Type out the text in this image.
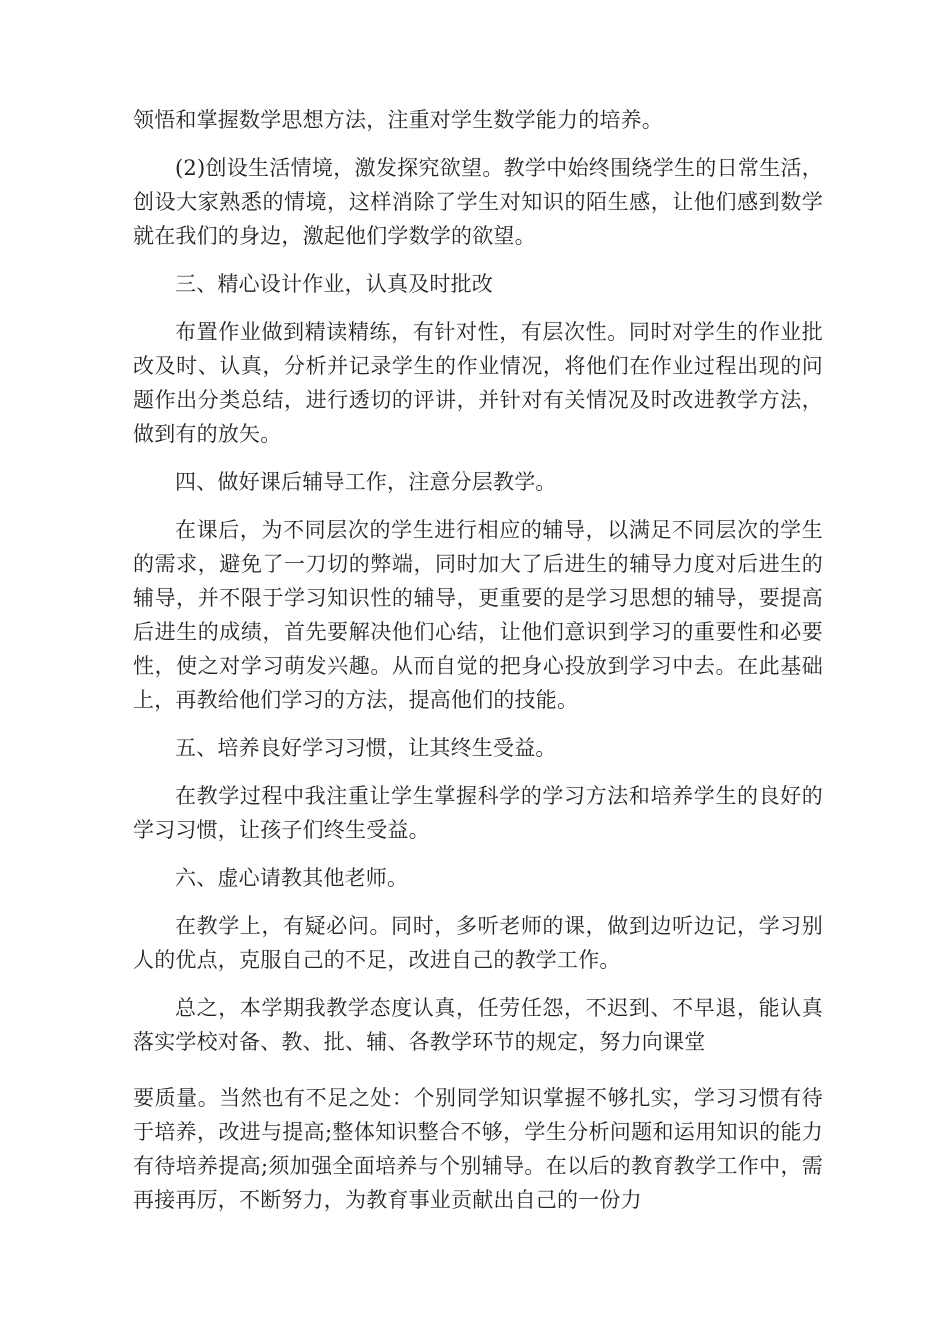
领悟和掌握数学思想方法，注重对学生数学能力的培养。

(2)创设生活情境，激发探究欲望。教学中始终围绕学生的日常生活，创设大家熟悉的情境，这样消除了学生对知识的陌生感，让他们感到数学就在我们的身边，激起他们学数学的欲望。

三、精心设计作业，认真及时批改

布置作业做到精读精练，有针对性，有层次性。同时对学生的作业批改及时、认真，分析并记录学生的作业情况，将他们在作业过程出现的问题作出分类总结，进行透切的评讲，并针对有关情况及时改进教学方法，做到有的放矢。

四、做好课后辅导工作，注意分层教学。

在课后，为不同层次的学生进行相应的辅导，以满足不同层次的学生的需求，避免了一刀切的弊端，同时加大了后进生的辅导力度对后进生的辅导，并不限于学习知识性的辅导，更重要的是学习思想的辅导，要提高后进生的成绩，首先要解决他们心结，让他们意识到学习的重要性和必要性，使之对学习萌发兴趣。从而自觉的把身心投放到学习中去。在此基础上，再教给他们学习的方法，提高他们的技能。

五、培养良好学习习惯，让其终生受益。

在教学过程中我注重让学生掌握科学的学习方法和培养学生的良好的学习习惯，让孩子们终生受益。

六、虚心请教其他老师。

在教学上，有疑必问。同时，多听老师的课，做到边听边记，学习别人的优点，克服自己的不足，改进自己的教学工作。

总之，本学期我教学态度认真，任劳任怨，不迟到、不早退，能认真落实学校对备、教、批、辅、各教学环节的规定，努力向课堂

要质量。当然也有不足之处：个别同学知识掌握不够扎实，学习习惯有待于培养，改进与提高;整体知识整合不够，学生分析问题和运用知识的能力有待培养提高;须加强全面培养与个别辅导。在以后的教育教学工作中，需再接再厉，不断努力，为教育事业贡献出自己的一份力
